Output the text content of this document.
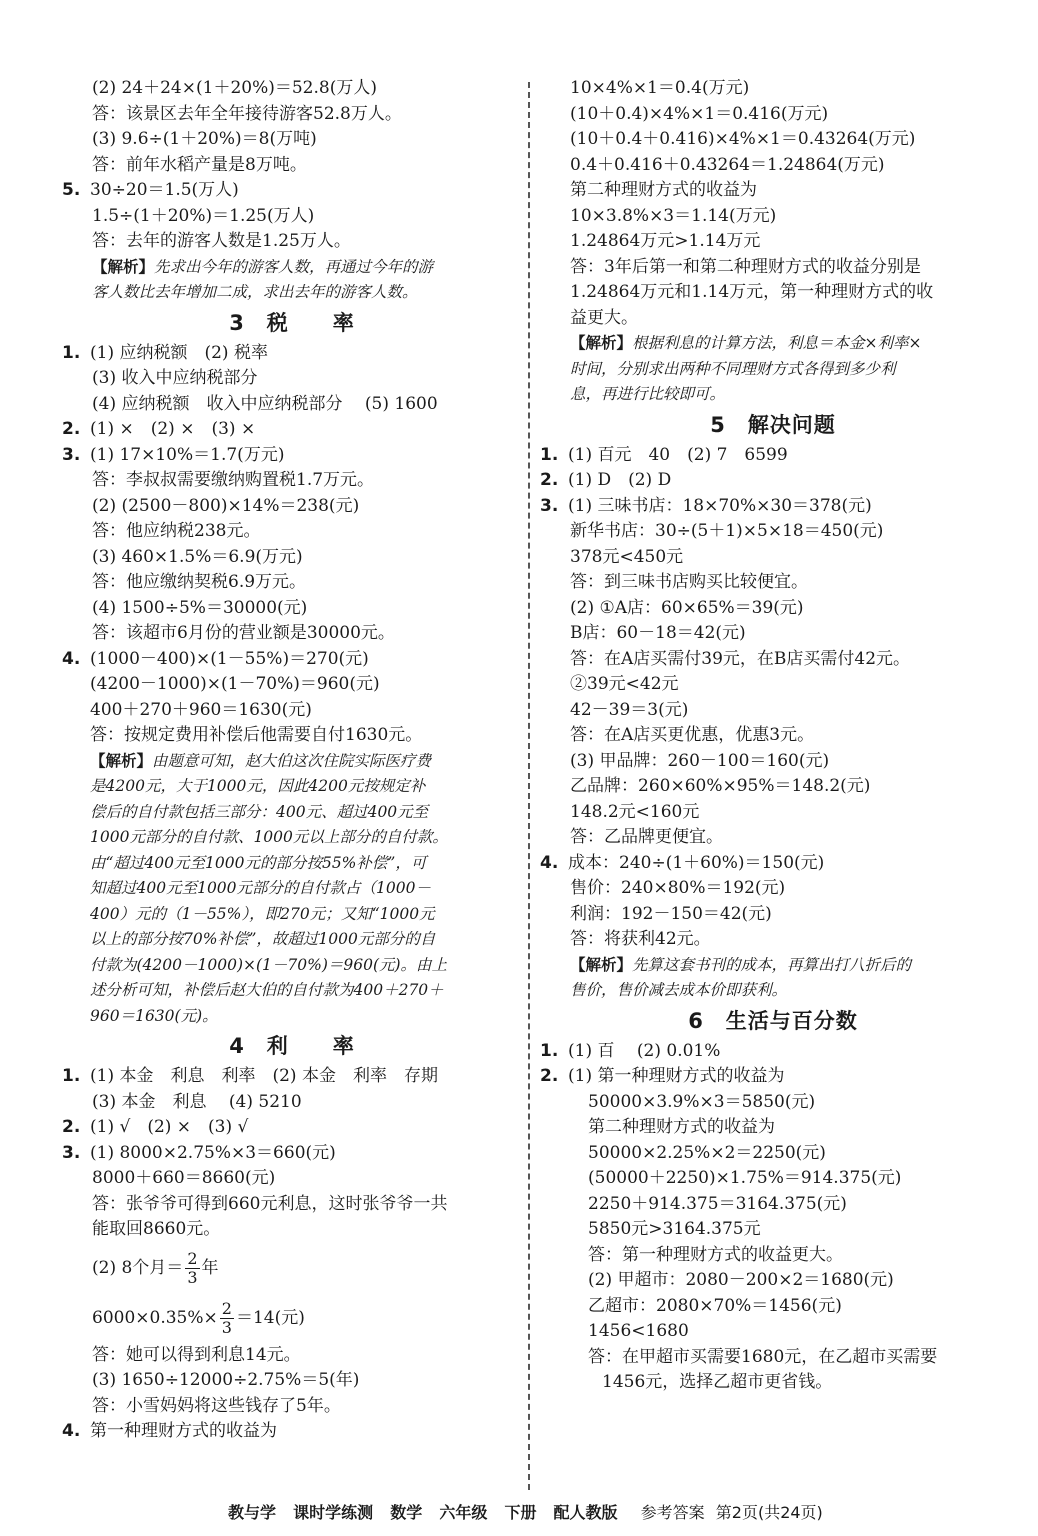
(2) 24＋24×(1＋20%)＝52.8(万人)
答：该景区去年全年接待游客52.8万人。
(3) 9.6÷(1＋20%)＝8(万吨)
答：前年水稻产量是8万吨。
5. 30÷20＝1.5(万人)
1.5÷(1＋20%)＝1.25(万人)
答：去年的游客人数是1.25万人。
【解析】先求出今年的游客人数，再通过今年的游
客人数比去年增加二成，求出去年的游客人数。
3　税　　率
1. (1) 应纳税额　(2) 税率
(3) 收入中应纳税部分
(4) 应纳税额　收入中应纳税部分　 (5) 1600
2. (1) ×　(2) ×　(3) ×
3. (1) 17×10%＝1.7(万元)
答：李叔叔需要缴纳购置税1.7万元。
(2) (2500－800)×14%＝238(元)
答：他应纳税238元。
(3) 460×1.5%＝6.9(万元)
答：他应缴纳契税6.9万元。
(4) 1500÷5%＝30000(元)
答：该超市6月份的营业额是30000元。
4. (1000－400)×(1－55%)＝270(元)
(4200－1000)×(1－70%)＝960(元)
400＋270＋960＝1630(元)
答：按规定费用补偿后他需要自付1630元。
【解析】由题意可知，赵大伯这次住院实际医疗费
是4200元，大于1000元，因此4200元按规定补
偿后的自付款包括三部分：400元、超过400元至
1000元部分的自付款、1000元以上部分的自付款。
由“超过400元至1000元的部分按55%补偿”，可
知超过400元至1000元部分的自付款占（1000－
400）元的（1－55%），即270元；又知“1000元
以上的部分按70%补偿”，故超过1000元部分的自
付款为(4200－1000)×(1－70%)＝960(元)。由上
述分析可知，补偿后赵大伯的自付款为400＋270＋
960＝1630(元)。
4　利　　率
1. (1) 本金　利息　利率　(2) 本金　利率　存期
(3) 本金　利息　 (4) 5210
2. (1) √　(2) ×　(3) √
3. (1) 8000×2.75%×3＝660(元)
8000＋660＝8660(元)
答：张爷爷可得到660元利息，这时张爷爷一共
能取回8660元。
(2) 8个月＝ $\frac{2}{3}$ 年
$6000\times 0.35\%\times \frac{2}{3} =14$(元)
答：她可以得到利息14元。
(3) 1650÷12000÷2.75%＝5(年)
答：小雪妈妈将这些钱存了5年。
4. 第一种理财方式的收益为
10×4%×1＝0.4(万元)
(10＋0.4)×4%×1＝0.416(万元)
(10＋0.4＋0.416)×4%×1＝0.43264(万元)
0.4＋0.416＋0.43264＝1.24864(万元)
第二种理财方式的收益为
10×3.8%×3＝1.14(万元)
1.24864万元>1.14万元
答：3年后第一和第二种理财方式的收益分别是
1.24864万元和1.14万元，第一种理财方式的收
益更大。
【解析】根据利息的计算方法，利息＝本金×利率×
时间，分别求出两种不同理财方式各得到多少利
息，再进行比较即可。
5　解决问题
1. (1) 百元　40　(2) 7　6599
2. (1) D　(2) D
3. (1) 三味书店：18×70%×30＝378(元)
新华书店：30÷(5＋1)×5×18＝450(元)
378元<450元
答：到三味书店购买比较便宜。
(2) ①A店：60×65%＝39(元)
B店：60－18＝42(元)
答：在A店买需付39元，在B店买需付42元。
②39元<42元
42－39＝3(元)
答：在A店买更优惠，优惠3元。
(3) 甲品牌：260－100＝160(元)
乙品牌：260×60%×95%＝148.2(元)
148.2元<160元
答：乙品牌更便宜。
4. 成本：240÷(1＋60%)＝150(元)
售价：240×80%＝192(元)
利润：192－150＝42(元)
答：将获利42元。
【解析】先算这套书刊的成本，再算出打八折后的
售价，售价减去成本价即获利。
6　生活与百分数
1. (1) 百　 (2) 0.01%
2. (1) 第一种理财方式的收益为
50000×3.9%×3＝5850(元)
第二种理财方式的收益为
50000×2.25%×2＝2250(元)
(50000＋2250)×1.75%＝914.375(元)
2250＋914.375＝3164.375(元)
5850元>3164.375元
答：第一种理财方式的收益更大。
(2) 甲超市：2080－200×2＝1680(元)
乙超市：2080×70%＝1456(元)
1456<1680
答：在甲超市买需要1680元，在乙超市买需要
1456元，选择乙超市更省钱。
教与学 课时学练测 数学 六年级 下册 配人教版 参考答案 第2页(共24页)
